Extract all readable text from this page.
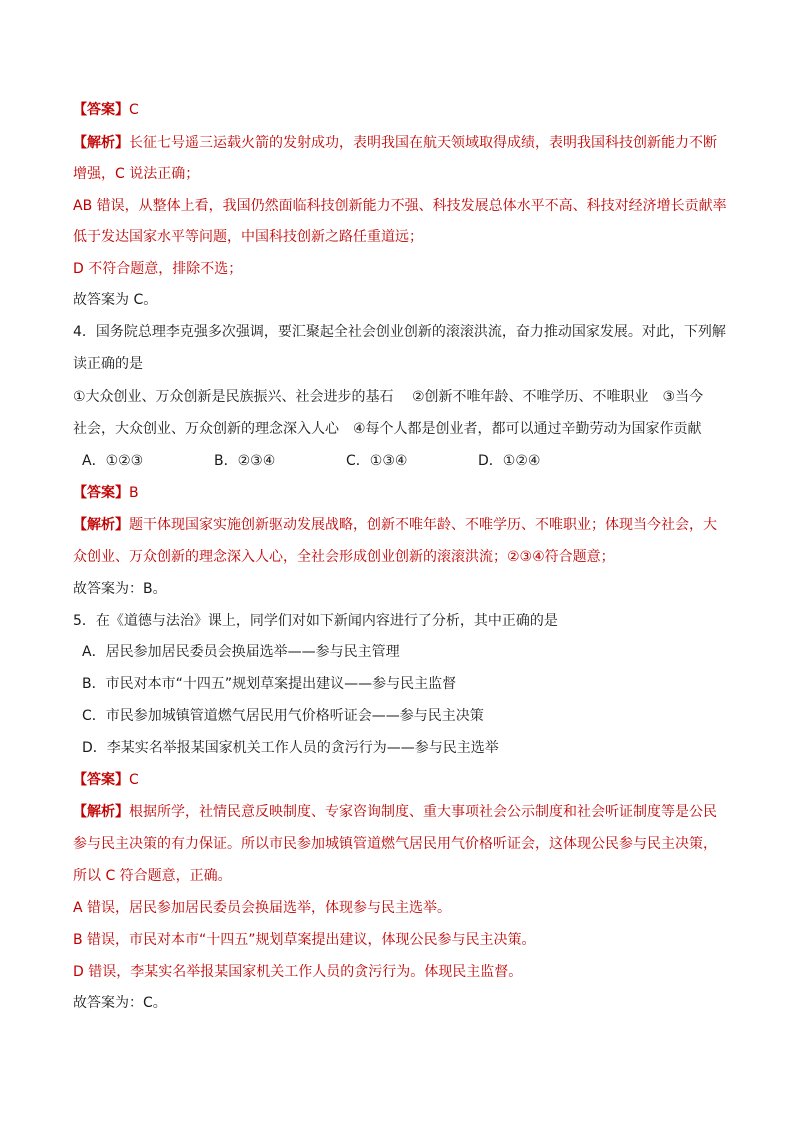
【答案】C
【解析】长征七号遥三运载火箭的发射成功，表明我国在航天领域取得成绩，表明我国科技创新能力不断
增强，C 说法正确；
AB 错误，从整体上看，我国仍然面临科技创新能力不强、科技发展总体水平不高、科技对经济增长贡献率
低于发达国家水平等问题，中国科技创新之路任重道远；
D 不符合题意，排除不选；
故答案为 C。
4．国务院总理李克强多次强调，要汇聚起全社会创业创新的滚滚洪流，奋力推动国家发展。对此，下列解
读正确的是
①大众创业、万众创新是民族振兴、社会进步的基石　 ②创新不唯年龄、不唯学历、不唯职业　③当今
社会，大众创业、万众创新的理念深入人心　④每个人都是创业者，都可以通过辛勤劳动为国家作贡献
A．①②③	B．②③④	C．①③④	D．①②④
【答案】B
【解析】题干体现国家实施创新驱动发展战略，创新不唯年龄、不唯学历、不唯职业；体现当今社会，大
众创业、万众创新的理念深入人心，全社会形成创业创新的滚滚洪流；②③④符合题意；
故答案为：B。
5．在《道德与法治》课上，同学们对如下新闻内容进行了分析，其中正确的是
A．居民参加居民委员会换届选举——参与民主管理
B．市民对本市“十四五”规划草案提出建议——参与民主监督
C．市民参加城镇管道燃气居民用气价格听证会——参与民主决策
D．李某实名举报某国家机关工作人员的贪污行为——参与民主选举
【答案】C
【解析】根据所学，社情民意反映制度、专家咨询制度、重大事项社会公示制度和社会听证制度等是公民
参与民主决策的有力保证。所以市民参加城镇管道燃气居民用气价格听证会，这体现公民参与民主决策，
所以 C 符合题意，正确。
A 错误，居民参加居民委员会换届选举，体现参与民主选举。
B 错误，市民对本市“十四五”规划草案提出建议，体现公民参与民主决策。
D 错误，李某实名举报某国家机关工作人员的贪污行为。体现民主监督。
故答案为：C。
